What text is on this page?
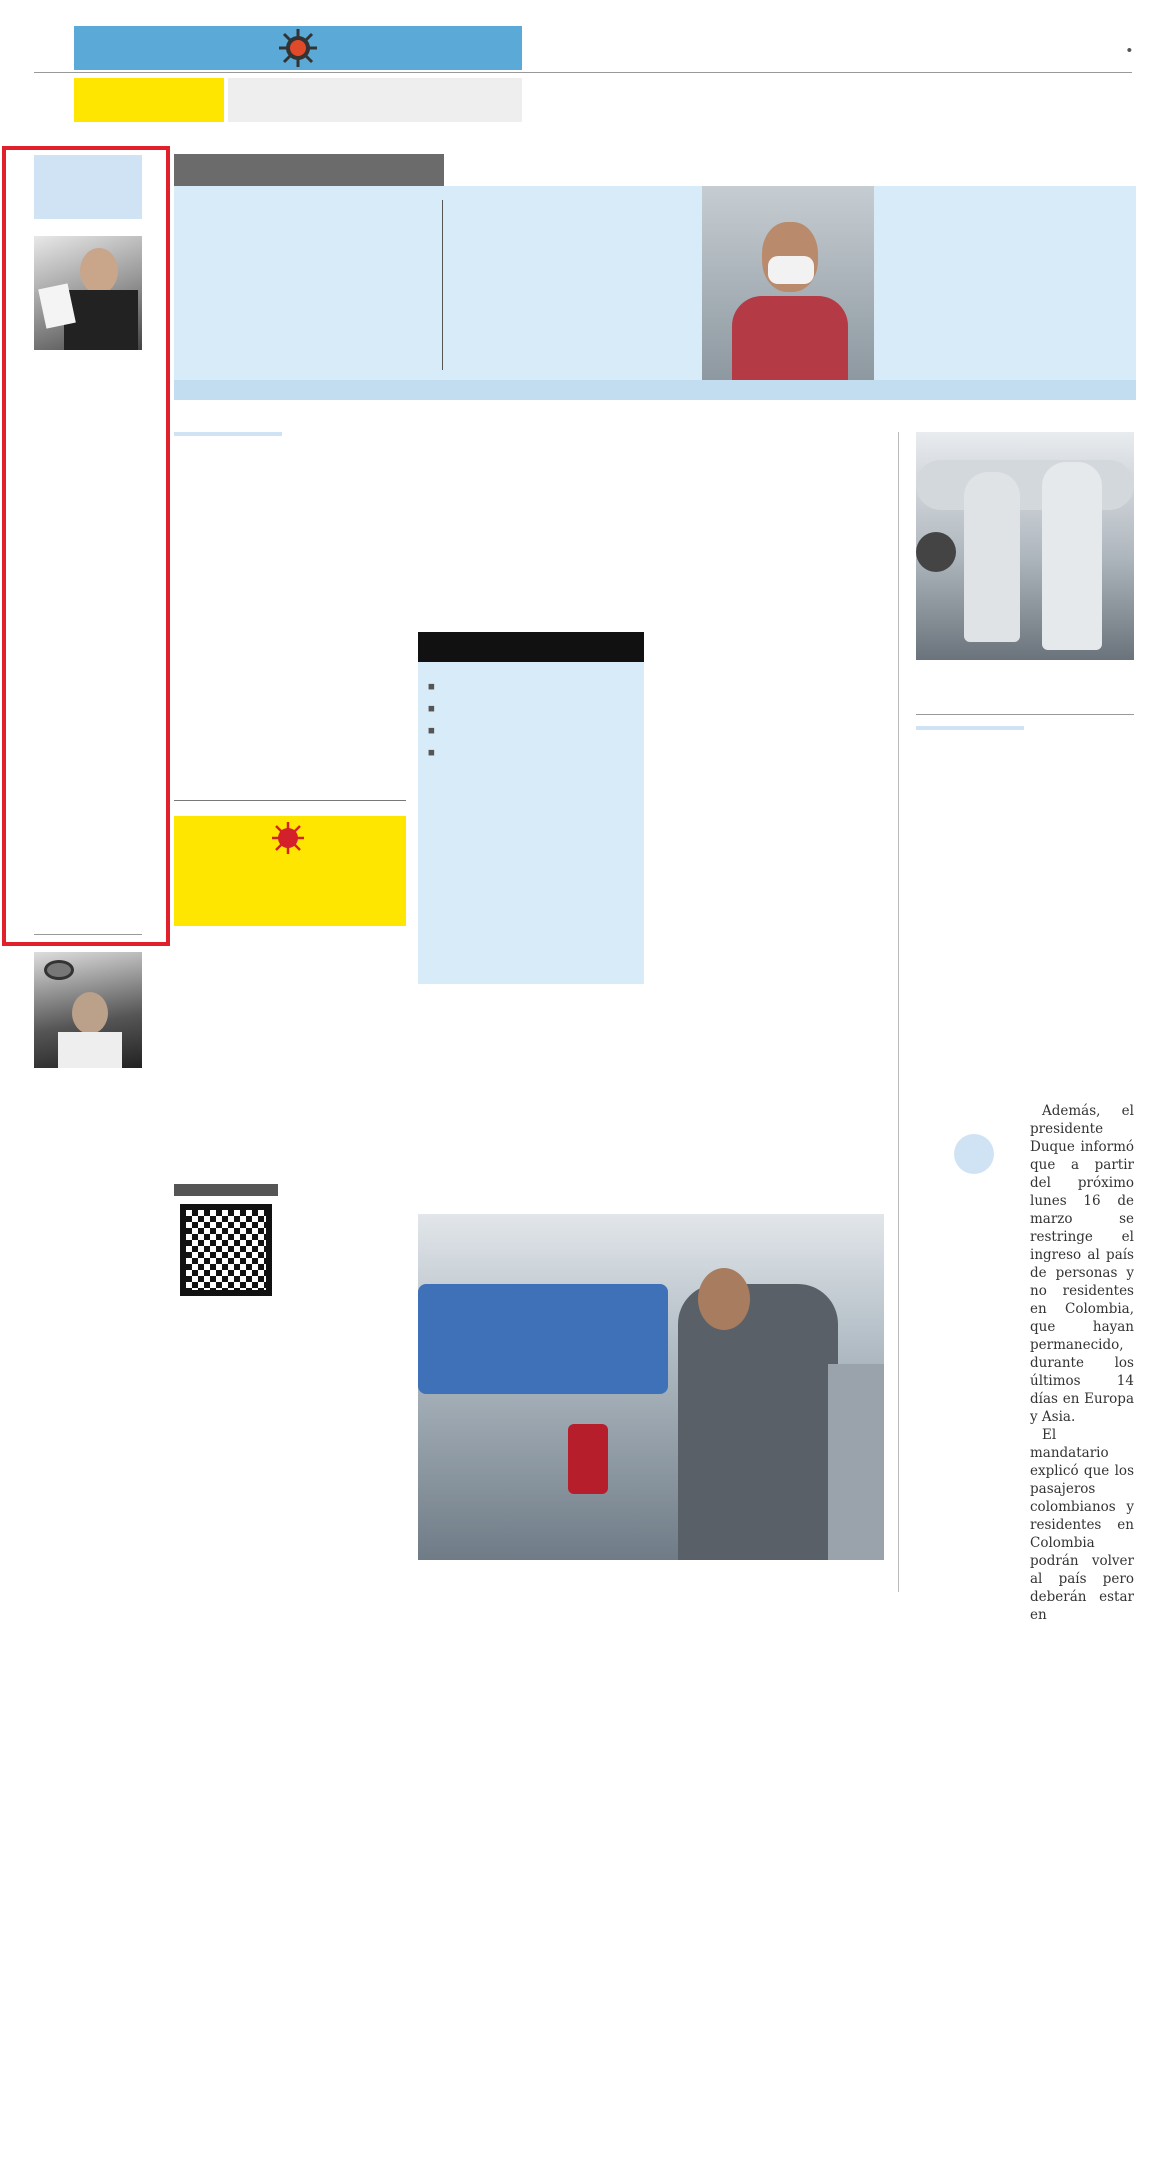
•

■

■

■

■

Además, el presidente Duque informó que a partir del próximo lunes 16 de marzo se restringe el ingreso al país de personas y no residentes en Colombia, que hayan permanecido, durante los últimos 14 días en Europa y Asia.

El mandatario explicó que los pasajeros colombianos y residentes en Colombia podrán volver al país pero deberán estar en
